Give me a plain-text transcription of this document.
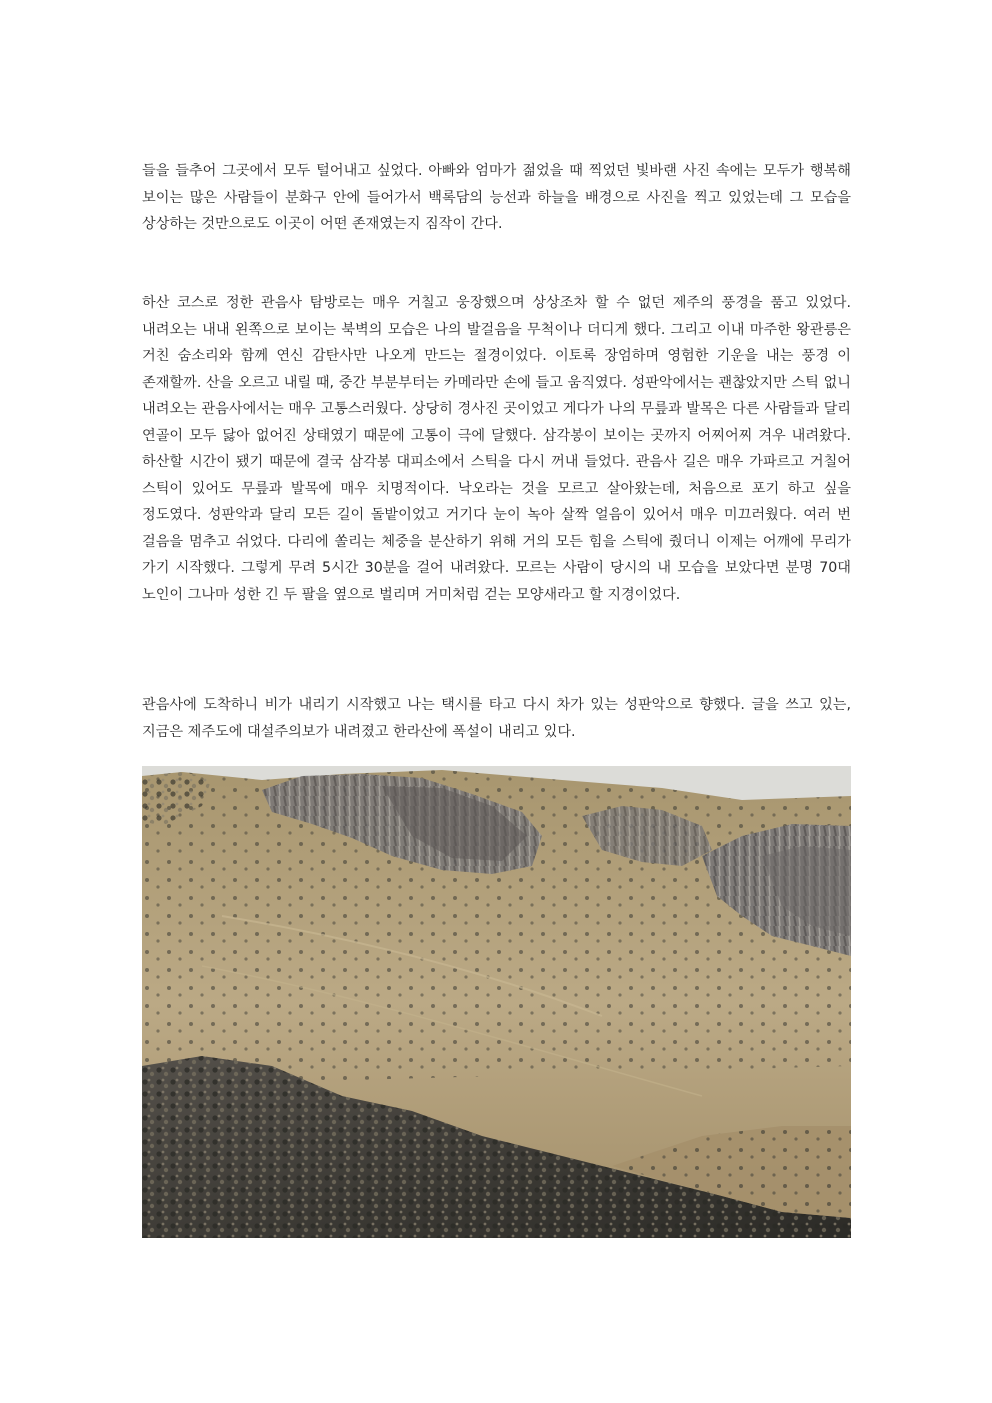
들을 들추어 그곳에서 모두 털어내고 싶었다. 아빠와 엄마가 젊었을 때 찍었던 빛바랜 사진 속에는 모두가 행복해 보이는 많은 사람들이 분화구 안에 들어가서 백록담의 능선과 하늘을 배경으로 사진을 찍고 있었는데 그 모습을 상상하는 것만으로도 이곳이 어떤 존재였는지 짐작이 간다.

하산 코스로 정한 관음사 탐방로는 매우 거칠고 웅장했으며 상상조차 할 수 없던 제주의 풍경을 품고 있었다. 내려오는 내내 왼쪽으로 보이는 북벽의 모습은 나의 발걸음을 무척이나 더디게 했다. 그리고 이내 마주한 왕관릉은 거친 숨소리와 함께 연신 감탄사만 나오게 만드는 절경이었다. 이토록 장엄하며 영험한 기운을 내는 풍경 이 존재할까. 산을 오르고 내릴 때, 중간 부분부터는 카메라만 손에 들고 움직였다. 성판악에서는 괜찮았지만 스틱 없니 내려오는 관음사에서는 매우 고통스러웠다. 상당히 경사진 곳이었고 게다가 나의 무릎과 발목은 다른 사람들과 달리 연골이 모두 닳아 없어진 상태였기 때문에 고통이 극에 달했다. 삼각봉이 보이는 곳까지 어찌어찌 겨우 내려왔다. 하산할 시간이 됐기 때문에 결국 삼각봉 대피소에서 스틱을 다시 꺼내 들었다. 관음사 길은 매우 가파르고 거칠어 스틱이 있어도 무릎과 발목에 매우 치명적이다. 낙오라는 것을 모르고 살아왔는데, 처음으로 포기 하고 싶을 정도였다. 성판악과 달리 모든 길이 돌밭이었고 거기다 눈이 녹아 살짝 얼음이 있어서 매우 미끄러웠다. 여러 번 걸음을 멈추고 쉬었다. 다리에 쏠리는 체중을 분산하기 위해 거의 모든 힘을 스틱에 줬더니 이제는 어깨에 무리가 가기 시작했다. 그렇게 무려 5시간 30분을 걸어 내려왔다. 모르는 사람이 당시의 내 모습을 보았다면 분명 70대 노인이 그나마 성한 긴 두 팔을 옆으로 벌리며 거미처럼 걷는 모양새라고 할 지경이었다.

관음사에 도착하니 비가 내리기 시작했고 나는 택시를 타고 다시 차가 있는 성판악으로 향했다. 글을 쓰고 있는, 지금은 제주도에 대설주의보가 내려졌고 한라산에 폭설이 내리고 있다.
